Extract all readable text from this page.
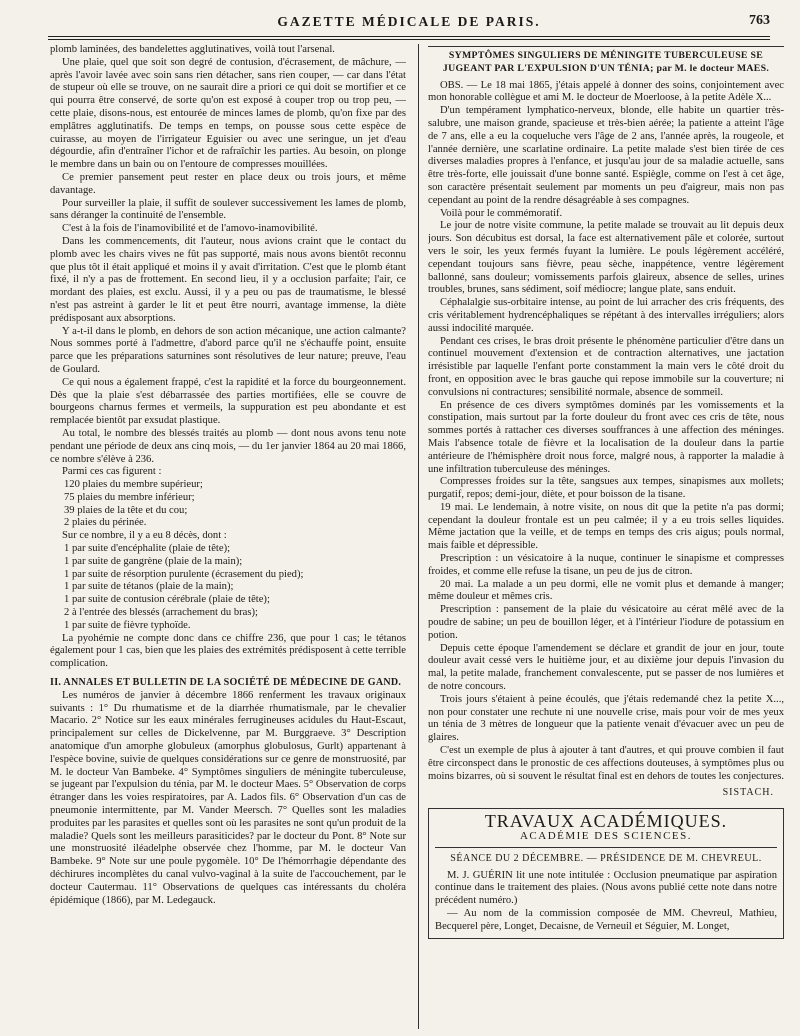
GAZETTE MÉDICALE DE PARIS.	763

plomb laminées, des bandelettes agglutinatives, voilà tout l'arsenal.

Une plaie, quel que soit son degré de contusion, d'écrasement, de mâchure, — après l'avoir lavée avec soin sans rien détacher, sans rien couper, — car dans l'état de stupeur où elle se trouve, on ne saurait dire a priori ce qui doit se mortifier et ce qui pourra être conservé, de sorte qu'on est exposé à couper trop ou trop peu, — cette plaie, disons-nous, est entourée de minces lames de plomb, qu'on fixe par des emplâtres agglutinatifs. De temps en temps, on pousse sous cette espèce de cuirasse, au moyen de l'irrigateur Eguisier ou avec une seringue, un jet d'eau dégourdie, afin d'entraîner l'ichor et de rafraîchir les parties. Au besoin, on plonge le membre dans un bain ou on l'entoure de compresses mouillées.

Ce premier pansement peut rester en place deux ou trois jours, et même davantage.

Pour surveiller la plaie, il suffit de soulever successivement les lames de plomb, sans déranger la continuité de l'ensemble.

C'est à la fois de l'inamovibilité et de l'amovo-inamovibilité.

Dans les commencements, dit l'auteur, nous avions craint que le contact du plomb avec les chairs vives ne fût pas supporté, mais nous avons bientôt reconnu que plus tôt il était appliqué et moins il y avait d'irritation. C'est que le plomb étant fixé, il n'y a pas de frottement. En second lieu, il y a occlusion parfaite; l'air, ce mordant des plaies, est exclu. Aussi, il y a peu ou pas de traumatisme, le blessé n'est pas astreint à garder le lit et peut être nourri, avantage immense, la diète prédisposant aux absorptions.

Y a-t-il dans le plomb, en dehors de son action mécanique, une action calmante? Nous sommes porté à l'admettre, d'abord parce qu'il ne s'échauffe point, ensuite parce que les préparations saturnines sont résolutives de leur nature; preuve, l'eau de Goulard.

Ce qui nous a également frappé, c'est la rapidité et la force du bourgeonnement. Dès que la plaie s'est débarrassée des parties mortifiées, elle se couvre de bourgeons charnus fermes et vermeils, la suppuration est peu abondante et est remplacée bientôt par exsudat plastique.

Au total, le nombre des blessés traités au plomb — dont nous avons tenu note pendant une période de deux ans cinq mois, — du 1er janvier 1864 au 20 mai 1866, ce nombre s'élève à 236.

Parmi ces cas figurent :

120 plaies du membre supérieur;

75 plaies du membre inférieur;

39 plaies de la tête et du cou;

2 plaies du périnée.

Sur ce nombre, il y a eu 8 décès, dont :

1 par suite d'encéphalite (plaie de tête);

1 par suite de gangrène (plaie de la main);

1 par suite de résorption purulente (écrasement du pied);

1 par suite de tétanos (plaie de la main);

1 par suite de contusion cérébrale (plaie de tête);

2 à l'entrée des blessés (arrachement du bras);

1 par suite de fièvre typhoïde.

La pyohémie ne compte donc dans ce chiffre 236, que pour 1 cas; le tétanos également pour 1 cas, bien que les plaies des extrémités prédisposent à cette terrible complication.

II. ANNALES ET BULLETIN DE LA SOCIÉTÉ DE MÉDECINE DE GAND.

Les numéros de janvier à décembre 1866 renferment les travaux originaux suivants : 1° Du rhumatisme et de la diarrhée rhumatismale, par le chevalier Macario. 2° Notice sur les eaux minérales ferrugineuses acidules du Haut-Escaut, principalement sur celles de Dickelvenne, par M. Burggraeve. 3° Description anatomique d'un amorphe globuleux (amorphus globulosus, Gurlt) appartenant à l'espèce bovine, suivie de quelques considérations sur ce genre de monstruosité, par M. le docteur Van Bambeke. 4° Symptômes singuliers de méningite tuberculeuse, se jugeant par l'expulsion du ténia, par M. le docteur Maes. 5° Observation de corps étranger dans les voies respiratoires, par A. Lados fils. 6° Observation d'un cas de pneumonie intermittente, par M. Vander Meersch. 7° Quelles sont les maladies produites par les parasites et quelles sont où les parasites ne sont qu'un produit de la maladie? Quels sont les meilleurs parasiticides? par le docteur du Pont. 8° Note sur une monstruosité iléadelphe observée chez l'homme, par M. le docteur Van Bambeke. 9° Note sur une poule pygomèle. 10° De l'hémorrhagie dépendante des déchirures incomplètes du canal vulvo-vaginal à la suite de l'accouchement, par le docteur Cautermau. 11° Observations de quelques cas intéressants du choléra épidémique (1866), par M. Ledegauck.

SYMPTÔMES SINGULIERS DE MÉNINGITE TUBERCULEUSE SE JUGEANT PAR L'EXPULSION D'UN TÉNIA; par M. le docteur MAES.

OBS. — Le 18 mai 1865, j'étais appelé à donner des soins, conjointement avec mon honorable collègue et ami M. le docteur de Moerloose, à la petite Adèle X...

D'un tempérament lymphatico-nerveux, blonde, elle habite un quartier très-salubre, une maison grande, spacieuse et très-bien aérée; la patiente a atteint l'âge de 7 ans, elle a eu la coqueluche vers l'âge de 2 ans, l'année après, la rougeole, et l'année dernière, une scarlatine ordinaire. La petite malade s'est bien tirée de ces diverses maladies propres à l'enfance, et jusqu'au jour de sa maladie actuelle, sans être très-forte, elle jouissait d'une bonne santé. Espiègle, comme on l'est à cet âge, son caractère présentait seulement par moments un peu d'aigreur, mais non pas cependant au point de la rendre désagréable à ses compagnes.

Voilà pour le commémoratif.

Le jour de notre visite commune, la petite malade se trouvait au lit depuis deux jours. Son décubitus est dorsal, la face est alternativement pâle et colorée, surtout vers le soir, les yeux fermés fuyant la lumière. Le pouls légèrement accéléré, cependant toujours sans fièvre, peau sèche, inappétence, ventre légèrement ballonné, sans douleur; vomissements parfois glaireux, absence de selles, urines troubles, brunes, sans sédiment, soif médiocre; langue plate, sans enduit.

Céphalalgie sus-orbitaire intense, au point de lui arracher des cris fréquents, des cris véritablement hydrencéphaliques se répétant à des intervalles irréguliers; alors aussi indocilité marquée.

Pendant ces crises, le bras droit présente le phénomène particulier d'être dans un continuel mouvement d'extension et de contraction alternatives, une jactation irrésistible par laquelle l'enfant porte constamment la main vers le côté droit du front, en opposition avec le bras gauche qui repose immobile sur la couverture; ni convulsions ni contractures; sensibilité normale, absence de sommeil.

En présence de ces divers symptômes dominés par les vomissements et la constipation, mais surtout par la forte douleur du front avec ces cris de tête, nous sommes portés à rattacher ces diverses souffrances à une affection des méninges. Mais l'absence totale de fièvre et la localisation de la douleur dans la partie antérieure de l'hémisphère droit nous force, malgré nous, à rapporter la maladie à une infiltration tuberculeuse des méninges.

Compresses froides sur la tête, sangsues aux tempes, sinapismes aux mollets; purgatif, repos; demi-jour, diète, et pour boisson de la tisane.

19 mai. Le lendemain, à notre visite, on nous dit que la petite n'a pas dormi; cependant la douleur frontale est un peu calmée; il y a eu trois selles liquides. Même jactation que la veille, et de temps en temps des cris aigus; pouls normal, mais faible et dépressible.

Prescription : un vésicatoire à la nuque, continuer le sinapisme et compresses froides, et comme elle refuse la tisane, un peu de jus de citron.

20 mai. La malade a un peu dormi, elle ne vomit plus et demande à manger; même douleur et mêmes cris.

Prescription : pansement de la plaie du vésicatoire au cérat mêlé avec de la poudre de sabine; un peu de bouillon léger, et à l'intérieur l'iodure de potassium en potion.

Depuis cette époque l'amendement se déclare et grandit de jour en jour, toute douleur avait cessé vers le huitième jour, et au dixième jour depuis l'invasion du mal, la petite malade, franchement convalescente, put se passer de nos lumières et de notre concours.

Trois jours s'étaient à peine écoulés, que j'étais redemandé chez la petite X..., non pour constater une rechute ni une nouvelle crise, mais pour voir de mes yeux un ténia de 3 mètres de longueur que la patiente venait d'évacuer avec un peu de glaires.

C'est un exemple de plus à ajouter à tant d'autres, et qui prouve combien il faut être circonspect dans le pronostic de ces affections douteuses, à symptômes plus ou moins bizarres, où si souvent le résultat final est en dehors de toutes les conjectures.

SISTACH.

TRAVAUX ACADÉMIQUES.

ACADÉMIE DES SCIENCES.

SÉANCE DU 2 DÉCEMBRE. — PRÉSIDENCE DE M. CHEVREUL.

M. J. GUÉRIN lit une note intitulée : Occlusion pneumatique par aspiration continue dans le traitement des plaies. (Nous avons publié cette note dans notre précédent numéro.)

— Au nom de la commission composée de MM. Chevreul, Mathieu, Becquerel père, Longet, Decaisne, de Verneuil et Séguier, M. Longet,
